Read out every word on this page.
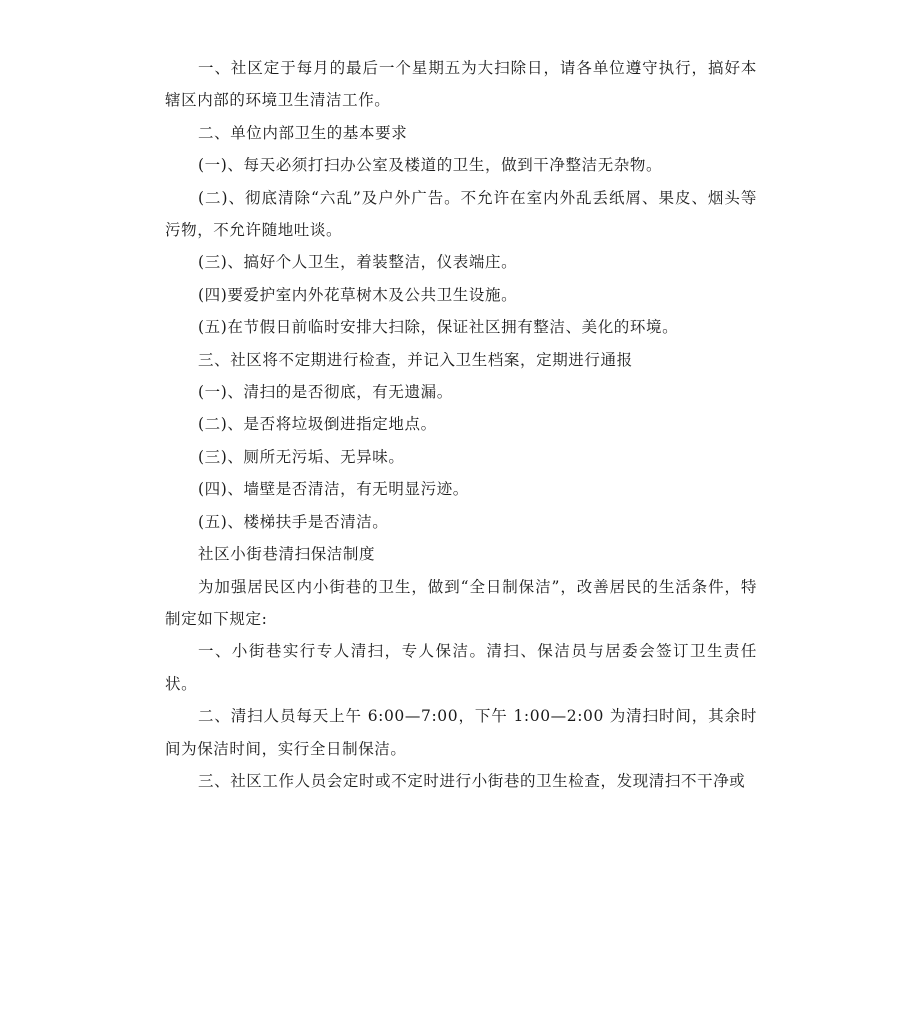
一、社区定于每月的最后一个星期五为大扫除日，请各单位遵守执行，搞好本辖区内部的环境卫生清洁工作。

二、单位内部卫生的基本要求

(一)、每天必须打扫办公室及楼道的卫生，做到干净整洁无杂物。

(二)、彻底清除“六乱”及户外广告。不允许在室内外乱丢纸屑、果皮、烟头等污物，不允许随地吐谈。

(三)、搞好个人卫生，着装整洁，仪表端庄。

(四)要爱护室内外花草树木及公共卫生设施。

(五)在节假日前临时安排大扫除，保证社区拥有整洁、美化的环境。

三、社区将不定期进行检查，并记入卫生档案，定期进行通报

(一)、清扫的是否彻底，有无遗漏。

(二)、是否将垃圾倒进指定地点。

(三)、厕所无污垢、无异味。

(四)、墙壁是否清洁，有无明显污迹。

(五)、楼梯扶手是否清洁。

社区小街巷清扫保洁制度

为加强居民区内小街巷的卫生，做到“全日制保洁”，改善居民的生活条件，特制定如下规定:

一、小街巷实行专人清扫，专人保洁。清扫、保洁员与居委会签订卫生责任状。

二、清扫人员每天上午 6:00—7:00，下午 1:00—2:00 为清扫时间，其余时间为保洁时间，实行全日制保洁。

三、社区工作人员会定时或不定时进行小街巷的卫生检查，发现清扫不干净或
